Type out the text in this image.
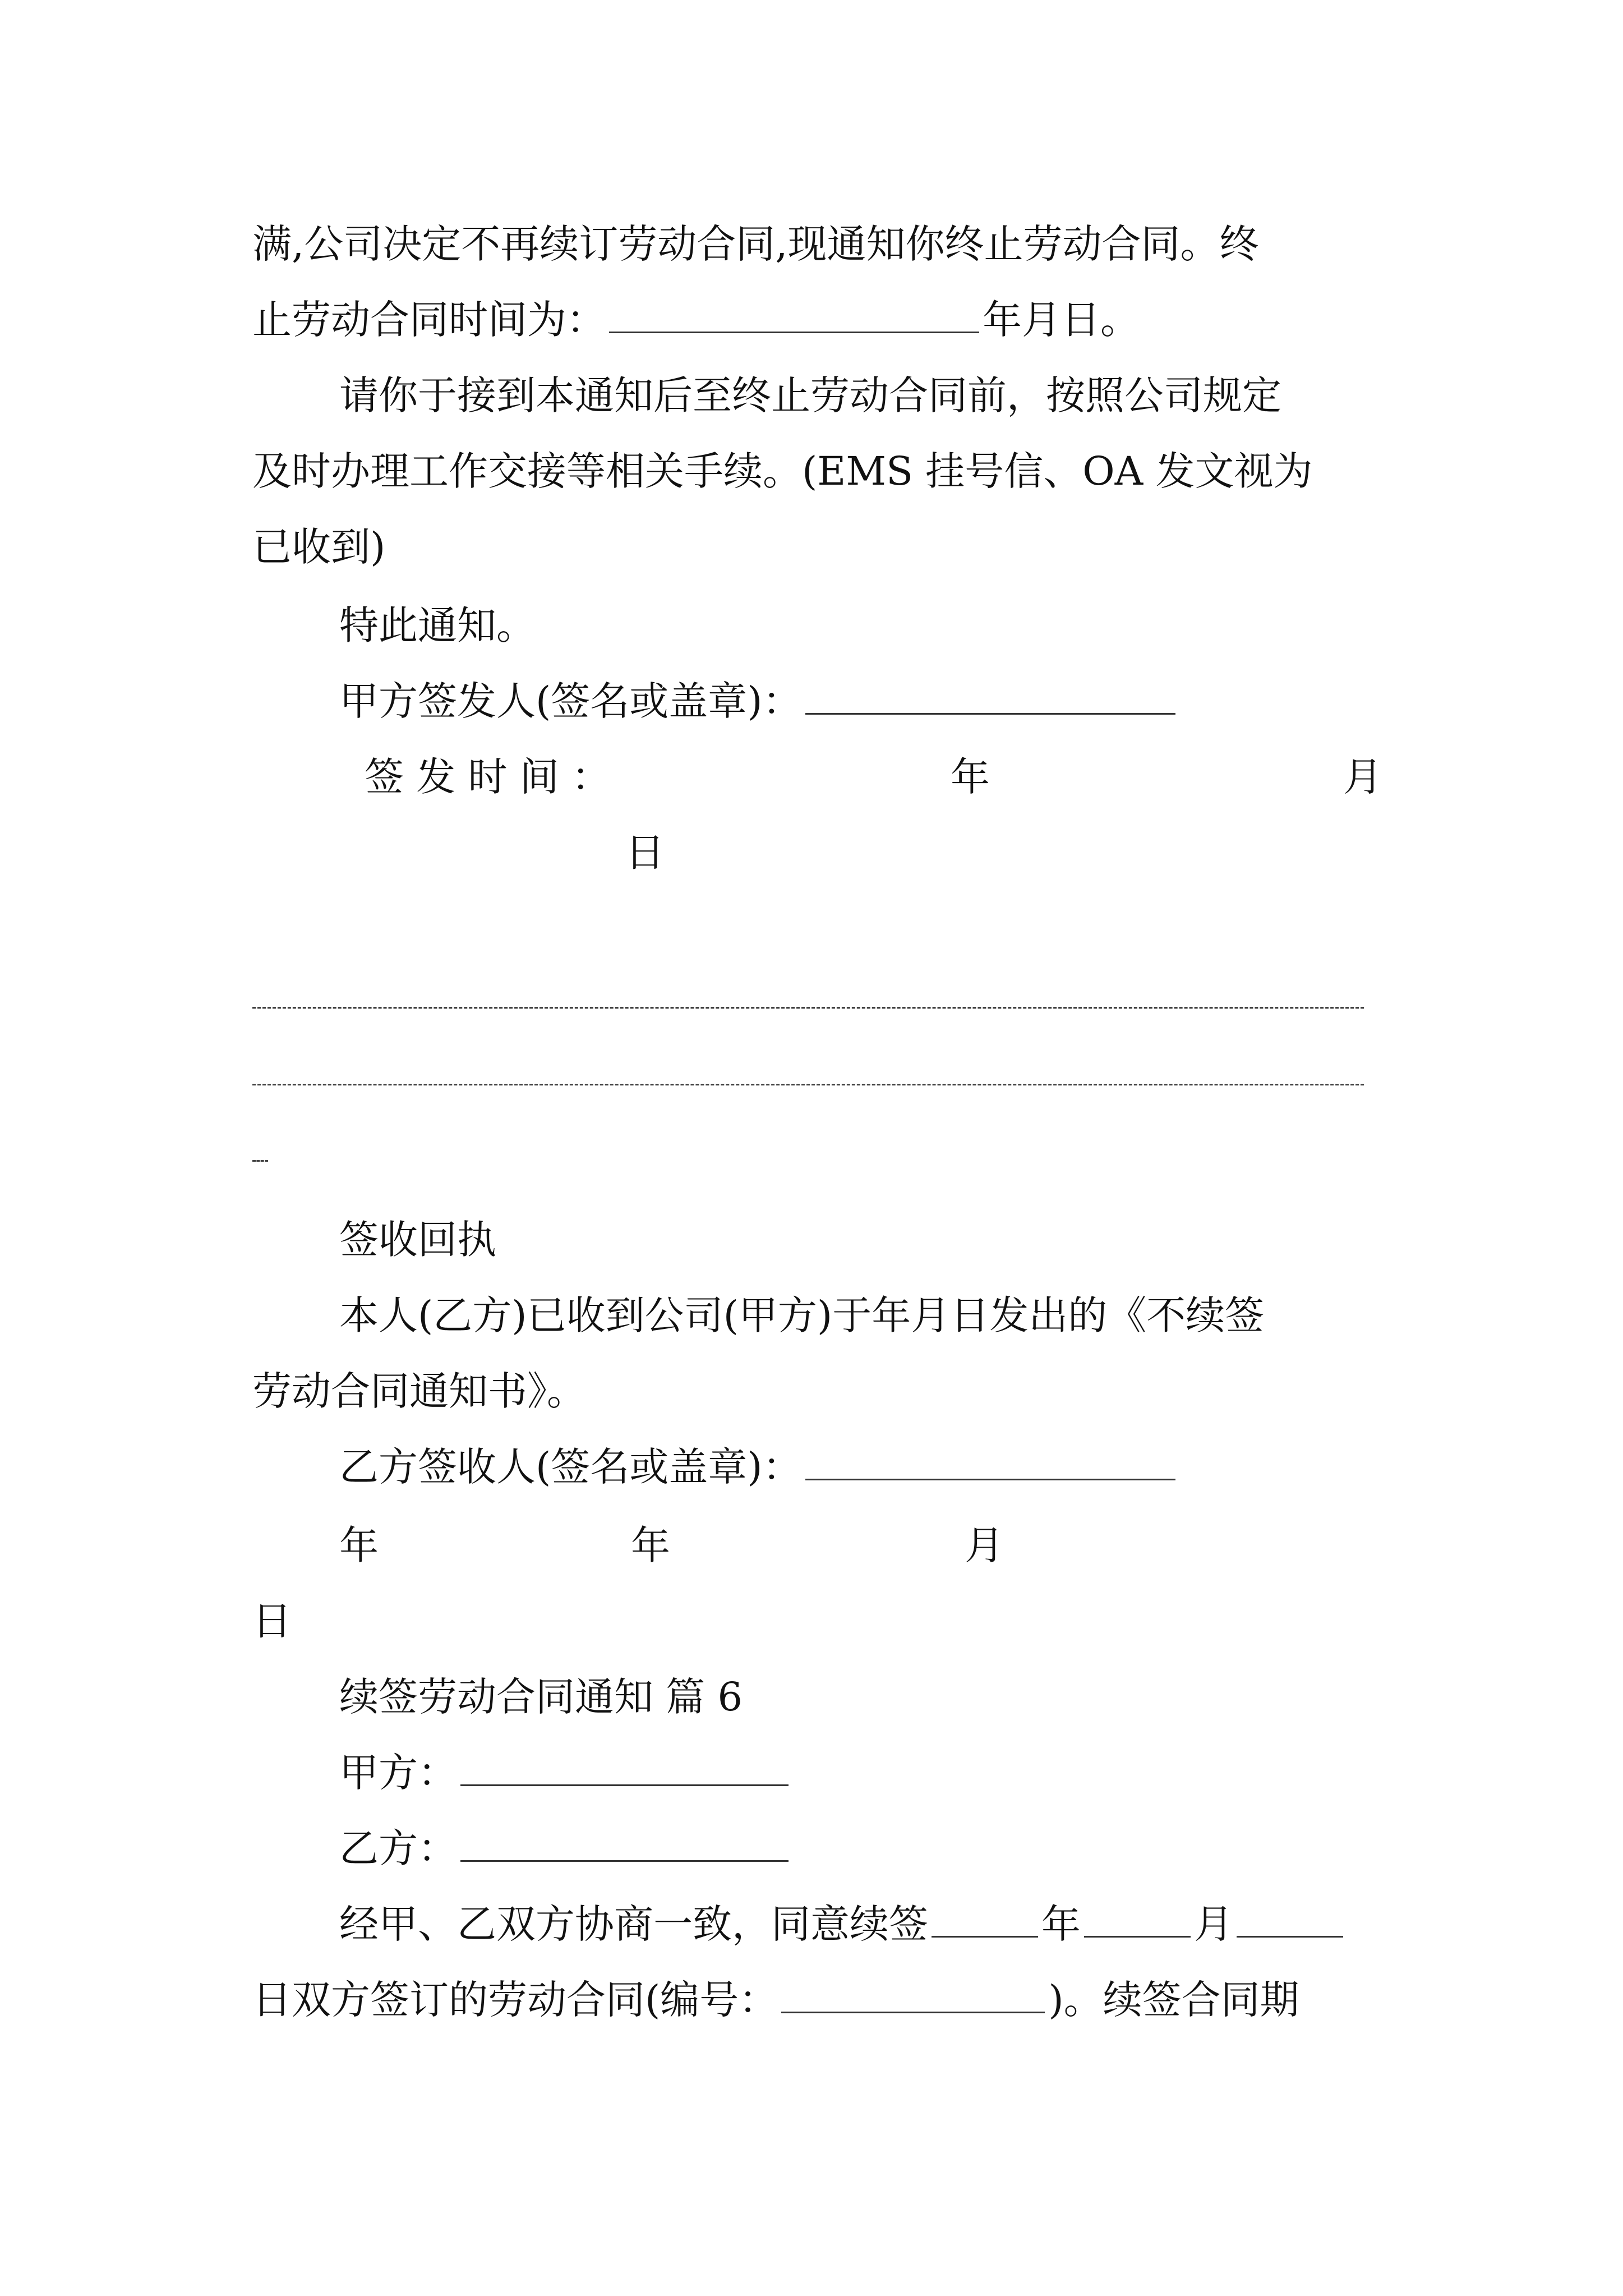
满,公司决定不再续订劳动合同,现通知你终止劳动合同。终

止劳动合同时间为：	年月日。

请你于接到本通知后至终止劳动合同前，按照公司规定

及时办理工作交接等相关手续。(EMS 挂号信、OA 发文视为

已收到)

特此通知。

甲方签发人(签名或盖章)：

签 发 时 间 ：	年	月

日

签收回执

本人(乙方)已收到公司(甲方)于年月日发出的《不续签

劳动合同通知书》。

乙方签收人(签名或盖章)：

年	年	月

日

续签劳动合同通知 篇 6

甲方：

乙方：

经甲、乙双方协商一致，同意续签	年	月

日双方签订的劳动合同(编号：	)。续签合同期
